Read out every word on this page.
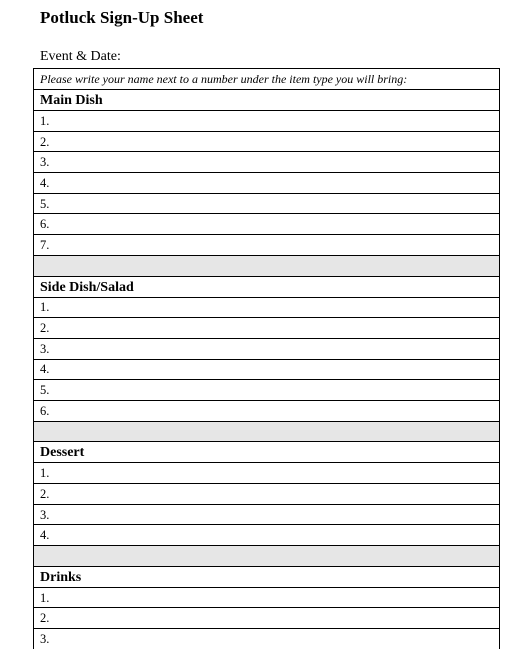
Potluck Sign-Up Sheet
Event & Date:
Please write your name next to a number under the item type you will bring:
Main Dish
1.
2.
3.
4.
5.
6.
7.

Side Dish/Salad
1.
2.
3.
4.
5.
6.

Dessert
1.
2.
3.
4.

Drinks
1.
2.
3.
